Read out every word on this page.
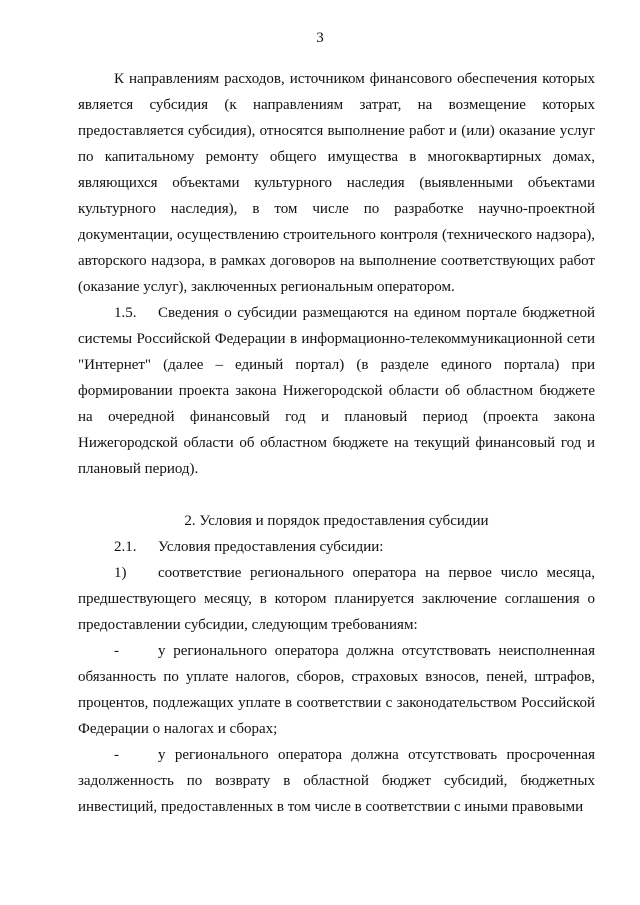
3

К направлениям расходов, источником финансового обеспечения которых является субсидия (к направлениям затрат, на возмещение которых предоставляется субсидия), относятся выполнение работ и (или) оказание услуг по капитальному ремонту общего имущества в многоквартирных домах, являющихся объектами культурного наследия (выявленными объектами культурного наследия), в том числе по разработке научно-проектной документации, осуществлению строительного контроля (технического надзора), авторского надзора, в рамках договоров на выполнение соответствующих работ (оказание услуг), заключенных региональным оператором.

1.5. Сведения о субсидии размещаются на едином портале бюджетной системы Российской Федерации в информационно-телекоммуникационной сети "Интернет" (далее – единый портал) (в разделе единого портала) при формировании проекта закона Нижегородской области об областном бюджете на очередной финансовый год и плановый период (проекта закона Нижегородской области об областном бюджете на текущий финансовый год и плановый период).

2. Условия и порядок предоставления субсидии

2.1. Условия предоставления субсидии:

1) соответствие регионального оператора на первое число месяца, предшествующего месяцу, в котором планируется заключение соглашения о предоставлении субсидии, следующим требованиям:

-	у регионального оператора должна отсутствовать неисполненная обязанность по уплате налогов, сборов, страховых взносов, пеней, штрафов, процентов, подлежащих уплате в соответствии с законодательством Российской Федерации о налогах и сборах;

-	у регионального оператора должна отсутствовать просроченная задолженность по возврату в областной бюджет субсидий, бюджетных инвестиций, предоставленных в том числе в соответствии с иными правовыми
